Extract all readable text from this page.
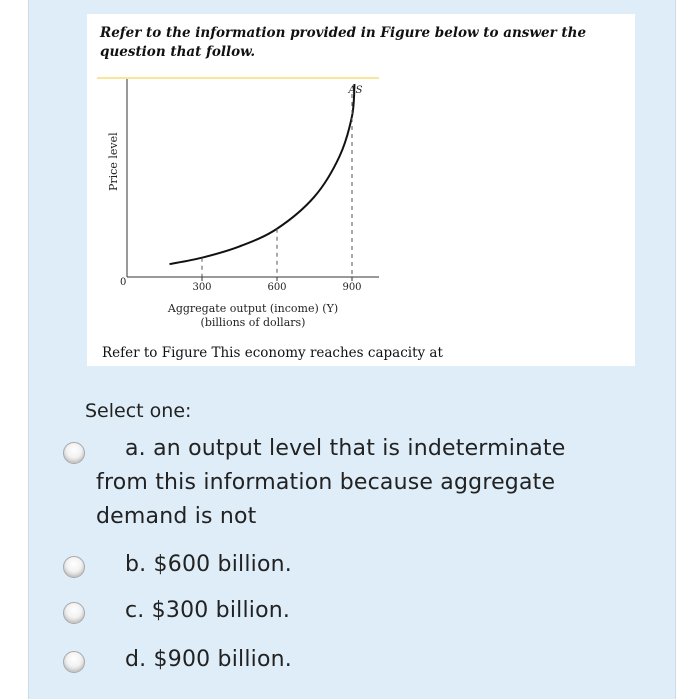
Refer to the information provided in Figure below to answer the question that follow.
0
Price level
Aggregate output (income) (Y)
(billions of dollars)
AS
300	600	900
Refer to Figure This economy reaches capacity at
Select one:
a. an output level that is indeterminate
from this information because aggregate
demand is not
b. $600 billion.
c. $300 billion.
d. $900 billion.
